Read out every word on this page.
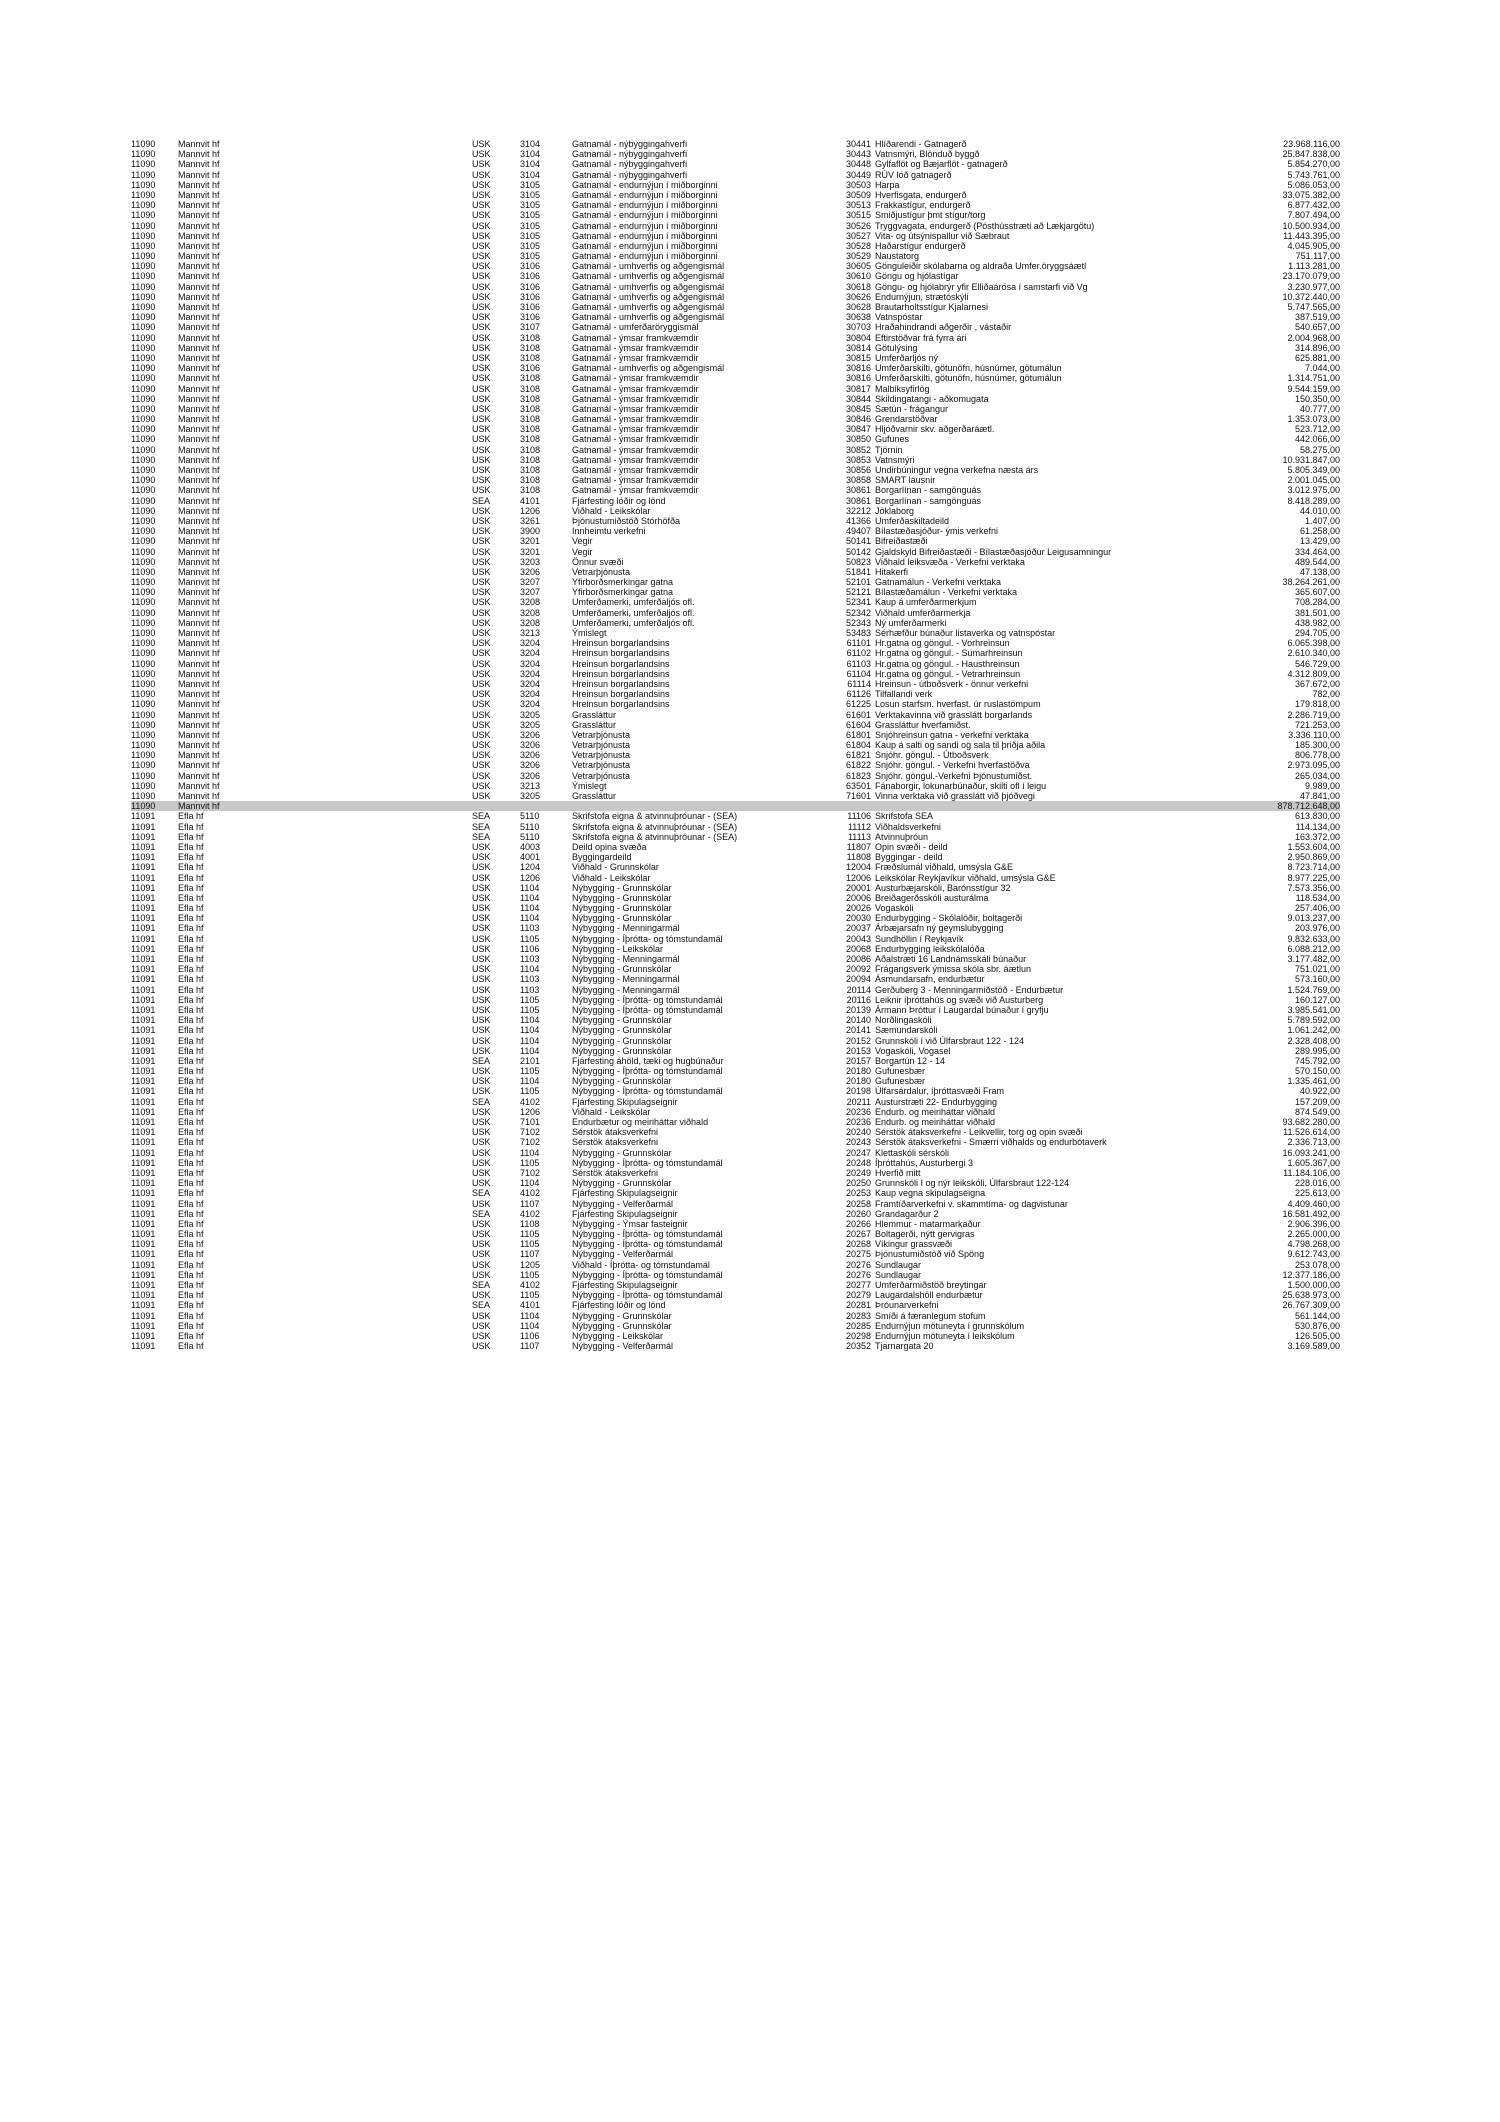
11090	Mannvit hf	USK	3104	Gatnamál - nýbyggingahverfi	30441 Hlíðarendi - Gatnagerð	23.968.116,00
11090	Mannvit hf	USK	3104	Gatnamál - nýbyggingahverfi	30443 Vatnsmýri, Blönduð byggð	25.847.838,00
11090	Mannvit hf	USK	3104	Gatnamál - nýbyggingahverfi	30448 Gylfaflöt og Bæjarflöt - gatnagerð	5.854.270,00
11090	Mannvit hf	USK	3104	Gatnamál - nýbyggingahverfi	30449 RÚV lóð gatnagerð	5.743.761,00
11090	Mannvit hf	USK	3105	Gatnamál - endurnýjun í miðborginni	30503 Harpa	5.086.053,00
11090	Mannvit hf	USK	3105	Gatnamál - endurnýjun í miðborginni	30509 Hverfisgata, endurgerð	33.075.382,00
11090	Mannvit hf	USK	3105	Gatnamál - endurnýjun í miðborginni	30513 Frakkastígur, endurgerð	6.877.432,00
11090	Mannvit hf	USK	3105	Gatnamál - endurnýjun í miðborginni	30515 Smiðjustígur þmt stígur/torg	7.807.494,00
11090	Mannvit hf	USK	3105	Gatnamál - endurnýjun í miðborginni	30526 Tryggvagata, endurgerð (Pósthússtræti að Lækjargötu)	10.500.934,00
11090	Mannvit hf	USK	3105	Gatnamál - endurnýjun í miðborginni	30527 Vita- og útsýnispallur við Sæbraut	11.443.395,00
11090	Mannvit hf	USK	3105	Gatnamál - endurnýjun í miðborginni	30528 Haðarstígur endurgerð	4.045.905,00
11090	Mannvit hf	USK	3105	Gatnamál - endurnýjun í miðborginni	30529 Naustatorg	751.117,00
11090	Mannvit hf	USK	3106	Gatnamál - umhverfis og aðgengismál	30605 Gönguleiðir skólabarna og aldraða Umfer.öryggsáætl	1.113.281,00
11090	Mannvit hf	USK	3106	Gatnamál - umhverfis og aðgengismál	30610 Göngu og hjólastígar	23.170.079,00
11090	Mannvit hf	USK	3106	Gatnamál - umhverfis og aðgengismál	30618 Göngu- og hjólabrýr yfir Elliðaárósa í samstarfi við Vg	3.230.977,00
11090	Mannvit hf	USK	3106	Gatnamál - umhverfis og aðgengismál	30626 Endurnýjun, strætóskýli	10.372.440,00
11090	Mannvit hf	USK	3106	Gatnamál - umhverfis og aðgengismál	30628 Brautarholtsstígur Kjalarnesi	5.747.565,00
11090	Mannvit hf	USK	3106	Gatnamál - umhverfis og aðgengismál	30638 Vatnspóstar	387.519,00
11090	Mannvit hf	USK	3107	Gatnamál - umferðaröryggismál	30703 Hraðahindrandi aðgerðir , vástaðir	540.657,00
11090	Mannvit hf	USK	3108	Gatnamál - ýmsar framkvæmdir	30804 Eftirstöðvar frá fyrra ári	2.004.968,00
11090	Mannvit hf	USK	3108	Gatnamál - ýmsar framkvæmdir	30814 Götulýsing	314.896,00
11090	Mannvit hf	USK	3108	Gatnamál - ýmsar framkvæmdir	30815 Umferðarljós ný	625.881,00
11090	Mannvit hf	USK	3106	Gatnamál - umhverfis og aðgengismál	30816 Umferðarskilti, götunöfn, húsnúmer, götumálun	7.044,00
11090	Mannvit hf	USK	3108	Gatnamál - ýmsar framkvæmdir	30816 Umferðarskilti, götunöfn, húsnúmer, götumálun	1.314.751,00
11090	Mannvit hf	USK	3108	Gatnamál - ýmsar framkvæmdir	30817 Malbiksyfirlög	9.544.159,00
11090	Mannvit hf	USK	3108	Gatnamál - ýmsar framkvæmdir	30844 Skildingatangi - aðkomugata	150.350,00
11090	Mannvit hf	USK	3108	Gatnamál - ýmsar framkvæmdir	30845 Sætún - frágangur	40.777,00
11090	Mannvit hf	USK	3108	Gatnamál - ýmsar framkvæmdir	30846 Grendarstöðvar	1.353.073,00
11090	Mannvit hf	USK	3108	Gatnamál - ýmsar framkvæmdir	30847 Hljóðvarnir skv. aðgerðaráætl.	523.712,00
11090	Mannvit hf	USK	3108	Gatnamál - ýmsar framkvæmdir	30850 Gufunes	442.066,00
11090	Mannvit hf	USK	3108	Gatnamál - ýmsar framkvæmdir	30852 Tjörnin	58.275,00
11090	Mannvit hf	USK	3108	Gatnamál - ýmsar framkvæmdir	30853 Vatnsmýri	10.931.847,00
11090	Mannvit hf	USK	3108	Gatnamál - ýmsar framkvæmdir	30856 Undirbúningur vegna verkefna næsta árs	5.805.349,00
11090	Mannvit hf	USK	3108	Gatnamál - ýmsar framkvæmdir	30858 SMART lausnir	2.001.045,00
11090	Mannvit hf	USK	3108	Gatnamál - ýmsar framkvæmdir	30861 Borgarlínan - samgönguás	3.012.975,00
11090	Mannvit hf	SEA	4101	Fjárfesting lóðir og lönd	30861 Borgarlínan - samgönguás	8.418.289,00
11090	Mannvit hf	USK	1206	Viðhald - Leikskólar	32212 Jöklaborg	44.010,00
11090	Mannvit hf	USK	3261	Þjónustumiðstöð Stórhöfða	41366 Umferðaskiltadeild	1.407,00
11090	Mannvit hf	USK	3900	Innheimtu verkefni	49407 Bílastæðasjóður- ýmis verkefni	61.258,00
11090	Mannvit hf	USK	3201	Vegir	50141 Bifreiðastæði	13.429,00
11090	Mannvit hf	USK	3201	Vegir	50142 Gjaldskyld Bifreiðastæði - Bílastæðasjóður Leigusamningur	334.464,00
11090	Mannvit hf	USK	3203	Önnur svæði	50823 Viðhald leiksvæða - Verkefni verktaka	489.544,00
11090	Mannvit hf	USK	3206	Vetrarþjónusta	51841 Hitakerfi	47.138,00
11090	Mannvit hf	USK	3207	Yfirborðsmerkingar gatna	52101 Gatnamálun - Verkefni verktaka	38.264.261,00
11090	Mannvit hf	USK	3207	Yfirborðsmerkingar gatna	52121 Bílastæðamálun - Verkefni verktaka	365.607,00
11090	Mannvit hf	USK	3208	Umferðamerki, umferðaljós ofl.	52341 Kaup á umferðarmerkjum	708.284,00
11090	Mannvit hf	USK	3208	Umferðamerki, umferðaljós ofl.	52342 Viðhald umferðarmerkja	381.501,00
11090	Mannvit hf	USK	3208	Umferðamerki, umferðaljós ofl.	52343 Ný umferðarmerki	438.982,00
11090	Mannvit hf	USK	3213	Ýmislegt	53483 Sérhæfður búnaður listaverka og vatnspóstar	294.705,00
11090	Mannvit hf	USK	3204	Hreinsun borgarlandsins	61101 Hr.gatna og göngul. - Vorhreinsun	6.065.398,00
11090	Mannvit hf	USK	3204	Hreinsun borgarlandsins	61102 Hr.gatna og göngul. - Sumarhreinsun	2.610.340,00
11090	Mannvit hf	USK	3204	Hreinsun borgarlandsins	61103 Hr.gatna og göngul. - Hausthreinsun	546.729,00
11090	Mannvit hf	USK	3204	Hreinsun borgarlandsins	61104 Hr.gatna og göngul. - Vetrarhreinsun	4.312.809,00
11090	Mannvit hf	USK	3204	Hreinsun borgarlandsins	61114 Hreinsun - útboðsverk - önnur verkefni	367.672,00
11090	Mannvit hf	USK	3204	Hreinsun borgarlandsins	61126 Tilfallandi verk	782,00
11090	Mannvit hf	USK	3204	Hreinsun borgarlandsins	61225 Losun starfsm. hverfast. úr ruslastömpum	179.818,00
11090	Mannvit hf	USK	3205	Grassláttur	61601 Verktakavinna við grasslátt borgarlands	2.286.719,00
11090	Mannvit hf	USK	3205	Grassláttur	61604 Grassláttur hverfamiðst.	721.253,00
11090	Mannvit hf	USK	3206	Vetrarþjónusta	61801 Snjóhreinsun gatna - verkefni verktaka	3.336.110,00
11090	Mannvit hf	USK	3206	Vetrarþjónusta	61804 Kaup á salti og sandi og sala til þriðja aðila	185.300,00
11090	Mannvit hf	USK	3206	Vetrarþjónusta	61821 Snjóhr. göngul. - Útboðsverk	806.778,00
11090	Mannvit hf	USK	3206	Vetrarþjónusta	61822 Snjóhr. göngul. - Verkefni hverfastöðva	2.973.095,00
11090	Mannvit hf	USK	3206	Vetrarþjónusta	61823 Snjóhr. göngul.-Verkefni Þjónustumiðst.	265.034,00
11090	Mannvit hf	USK	3213	Ýmislegt	63501 Fánaborgir, lokunarbúnaður, skilti ofl í leigu	9.989,00
11090	Mannvit hf	USK	3205	Grassláttur	71601 Vinna verktaka við grasslátt við þjóðvegi	47.841,00
11090	Mannvit hf	878.712.648,00
11091	Efla hf	SEA	5110	Skrifstofa eigna & atvinnuþróunar - (SEA)	11106 Skrifstofa SEA	613.830,00
11091	Efla hf	SEA	5110	Skrifstofa eigna & atvinnuþróunar - (SEA)	11112 Viðhaldsverkefni	114.134,00
11091	Efla hf	SEA	5110	Skrifstofa eigna & atvinnuþróunar - (SEA)	11113 Atvinnuþróun	163.372,00
11091	Efla hf	USK	4003	Deild opina svæða	11807 Opin svæði - deild	1.553.604,00
11091	Efla hf	USK	4001	Byggingardeild	11808 Byggingar - deild	2.950.869,00
11091	Efla hf	USK	1204	Viðhald - Grunnskólar	12004 Fræðslumál viðhald, umsýsla G&E	8.723.714,00
11091	Efla hf	USK	1206	Viðhald - Leikskólar	12006 Leikskólar Reykjavíkur viðhald, umsýsla G&E	8.977.225,00
11091	Efla hf	USK	1104	Nýbygging - Grunnskólar	20001 Austurbæjarskóli, Barónsstígur 32	7.573.356,00
11091	Efla hf	USK	1104	Nýbygging - Grunnskólar	20006 Breiðagerðsskóli austurálma	118.534,00
11091	Efla hf	USK	1104	Nýbygging - Grunnskólar	20026 Vogaskóli	257.406,00
11091	Efla hf	USK	1104	Nýbygging - Grunnskólar	20030 Endurbygging - Skólalóðir, boltagerði	9.013.237,00
11091	Efla hf	USK	1103	Nýbygging - Menningarmál	20037 Árbæjarsafn ný geymslubygging	203.976,00
11091	Efla hf	USK	1105	Nýbygging - Íþrótta- og tómstundamál	20043 Sundhöllin í Reykjavík	9.832.633,00
11091	Efla hf	USK	1106	Nýbygging - Leikskólar	20068 Endurbygging leikskólalóða	6.088.212,00
11091	Efla hf	USK	1103	Nýbygging - Menningarmál	20086 Aðalstræti 16 Landnámsskáli búnaður	3.177.482,00
11091	Efla hf	USK	1104	Nýbygging - Grunnskólar	20092 Frágangsverk ýmissa skóla sbr. áætlun	751.021,00
11091	Efla hf	USK	1103	Nýbygging - Menningarmál	20094 Ásmundarsafn, endurbætur	573.160,00
11091	Efla hf	USK	1103	Nýbygging - Menningarmál	20114 Gerðuberg 3 - Menningarmiðstöð - Endurbætur	1.524.769,00
11091	Efla hf	USK	1105	Nýbygging - Íþrótta- og tómstundamál	20116 Leiknir íþróttahús og svæði við Austurberg	160.127,00
11091	Efla hf	USK	1105	Nýbygging - Íþrótta- og tómstundamál	20139 Ármann Þróttur í Laugardal búnaður í gryfju	3.985.541,00
11091	Efla hf	USK	1104	Nýbygging - Grunnskólar	20140 Norðlingaskóli	5.789.592,00
11091	Efla hf	USK	1104	Nýbygging - Grunnskólar	20141 Sæmundarskóli	1.061.242,00
11091	Efla hf	USK	1104	Nýbygging - Grunnskólar	20152 Grunnskóli í við Úlfarsbraut 122 - 124	2.328.408,00
11091	Efla hf	USK	1104	Nýbygging - Grunnskólar	20153 Vogaskóli, Vogasel	289.995,00
11091	Efla hf	SEA	2101	Fjárfesting áhöld, tæki og hugbúnaður	20157 Borgartún 12 - 14	745.792,00
11091	Efla hf	USK	1105	Nýbygging - Íþrótta- og tómstundamál	20180 Gufunesbær	570.150,00
11091	Efla hf	USK	1104	Nýbygging - Grunnskólar	20180 Gufunesbær	1.335.461,00
11091	Efla hf	USK	1105	Nýbygging - Íþrótta- og tómstundamál	20198 Úlfarsárdalur, íþróttasvæði Fram	40.922,00
11091	Efla hf	SEA	4102	Fjárfesting Skipulagseignir	20211 Austurstræti 22- Endurbygging	157.209,00
11091	Efla hf	USK	1206	Viðhald - Leikskólar	20236 Endurb. og meiriháttar viðhald	874.549,00
11091	Efla hf	USK	7101	Endurbætur og meiriháttar viðhald	20236 Endurb. og meiriháttar viðhald	93.682.280,00
11091	Efla hf	USK	7102	Sérstök átaksverkefni	20240 Sérstök átaksverkefni - Leikvellir, torg og opin svæði	11.526.614,00
11091	Efla hf	USK	7102	Sérstök átaksverkefni	20243 Sérstök átaksverkefni - Smærri viðhalds og endurbótaverk	2.336.713,00
11091	Efla hf	USK	1104	Nýbygging - Grunnskólar	20247 Klettaskóli sérskóli	16.093.241,00
11091	Efla hf	USK	1105	Nýbygging - Íþrótta- og tómstundamál	20248 Íþróttahús, Austurbergi 3	1.605.367,00
11091	Efla hf	USK	7102	Sérstök átaksverkefni	20249 Hverfið mitt	11.184.106,00
11091	Efla hf	USK	1104	Nýbygging - Grunnskólar	20250 Grunnskóli I og nýr leikskóli, Úlfarsbraut 122-124	228.016,00
11091	Efla hf	SEA	4102	Fjárfesting Skipulagseignir	20253 Kaup vegna skipulagseigna	225.613,00
11091	Efla hf	USK	1107	Nýbygging - Velferðarmál	20258 Framtíðarverkefni v. skammtíma- og dagvistunar	4.409.460,00
11091	Efla hf	SEA	4102	Fjárfesting Skipulagseignir	20260 Grandagarður 2	16.581.492,00
11091	Efla hf	USK	1108	Nýbygging - Ýmsar fasteignir	20266 Hlemmur - matarmarkaður	2.906.396,00
11091	Efla hf	USK	1105	Nýbygging - Íþrótta- og tómstundamál	20267 Boltagerði, nýtt gervigras	2.265.000,00
11091	Efla hf	USK	1105	Nýbygging - Íþrótta- og tómstundamál	20268 Víkingur grassvæði	4.798.268,00
11091	Efla hf	USK	1107	Nýbygging - Velferðarmál	20275 Þjónustumiðstöð við Spöng	9.612.743,00
11091	Efla hf	USK	1205	Viðhald - Íþrótta- og tómstundamál	20276 Sundlaugar	253.078,00
11091	Efla hf	USK	1105	Nýbygging - Íþrótta- og tómstundamál	20276 Sundlaugar	12.377.186,00
11091	Efla hf	SEA	4102	Fjárfesting Skipulagseignir	20277 Umferðarmiðstöð breytingar	1.500.000,00
11091	Efla hf	USK	1105	Nýbygging - Íþrótta- og tómstundamál	20279 Laugardalshöll endurbætur	25.638.973,00
11091	Efla hf	SEA	4101	Fjárfesting lóðir og lönd	20281 Þróunarverkefni	26.767.309,00
11091	Efla hf	USK	1104	Nýbygging - Grunnskólar	20283 Smíði á færanlegum stofum	561.144,00
11091	Efla hf	USK	1104	Nýbygging - Grunnskólar	20285 Endurnýjun mötuneyta í grunnskólum	530.876,00
11091	Efla hf	USK	1106	Nýbygging - Leikskólar	20298 Endurnýjun mötuneyta í leikskólum	126.505,00
11091	Efla hf	USK	1107	Nýbygging - Velferðarmál	20352 Tjarnargata 20	3.169.589,00
